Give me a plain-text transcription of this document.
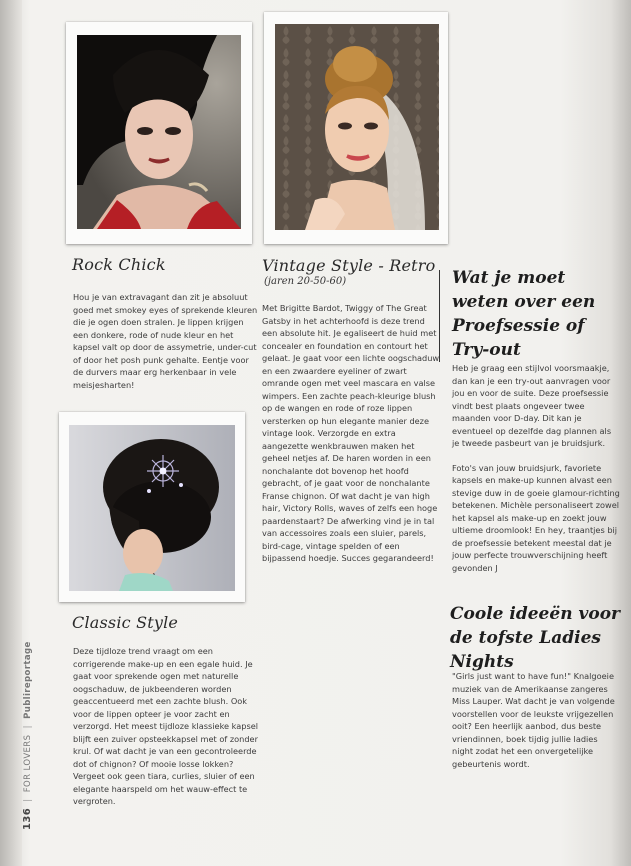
Rock Chick
Hou je van extravagant dan zit je absoluut goed met smokey eyes of sprekende kleuren die je ogen doen stralen. Je lippen krijgen een donkere, rode of nude kleur en het kapsel valt op door de assymetrie, under-cut of door het posh punk gehalte. Eentje voor de durvers maar erg herkenbaar in vele meisjesharten!
Classic Style
Deze tijdloze trend vraagt om een corrigerende make-up en een egale huid. Je gaat voor sprekende ogen met naturelle oogschaduw, de jukbeenderen worden geaccentueerd met een zachte blush. Ook voor de lippen opteer je voor zacht en verzorgd. Het meest tijdloze klassieke kapsel blijft een zuiver opsteekkapsel met of zonder krul. Of wat dacht je van een gecontroleerde dot of chignon? Of mooie losse lokken? Vergeet ook geen tiara, curlies, sluier of een elegante haarspeld om het wauw-effect te vergroten.
Vintage Style - Retro
(jaren 20-50-60)
Met Brigitte Bardot, Twiggy of The Great Gatsby in het achterhoofd is deze trend een absolute hit. Je egaliseert de huid met concealer en foundation en contourt het gelaat. Je gaat voor een lichte oogschaduw en een zwaardere eyeliner of zwart omrande ogen met veel mascara en valse wimpers. Een zachte peach-kleurige blush op de wangen en rode of roze lippen versterken op hun elegante manier deze vintage look. Verzorgde en extra aangezette wenkbrauwen maken het geheel netjes af. De haren worden in een nonchalante dot bovenop het hoofd gebracht, of je gaat voor de nonchalante Franse chignon. Of wat dacht je van high hair, Victory Rolls, waves of zelfs een hoge paardenstaart? De afwerking vind je in tal van accessoires zoals een sluier, parels, bird-cage, vintage spelden of een bijpassend hoedje. Succes gegarandeerd!
Wat je moet weten over een Proefsessie of Try-out

Heb je graag een stijlvol voorsmaakje, dan kan je een try-out aanvragen voor jou en voor de suite. Deze proefsessie vindt best plaats ongeveer twee maanden voor D-day. Dit kan je eventueel op dezelfde dag plannen als je tweede pasbeurt van je bruidsjurk.

Foto's van jouw bruidsjurk, favoriete kapsels en make-up kunnen alvast een stevige duw in de goeie glamour-richting betekenen. Michèle personaliseert zowel het kapsel als make-up en zoekt jouw ultieme droomlook! En hey, traantjes bij de proefsessie betekent meestal dat je jouw perfecte trouwverschijning heeft gevonden J

Coole ideeën voor de tofste Ladies Nights
"Girls just want to have fun!" Knalgoeie muziek van de Amerikaanse zangeres Miss Lauper. Wat dacht je van volgende voorstellen voor de leukste vrijgezellen ooit? Een heerlijk aanbod, dus beste vriendinnen, boek tijdig jullie ladies night zodat het een onvergetelijke gebeurtenis wordt.
136  |  FOR LOVERS  |  Publireportage
